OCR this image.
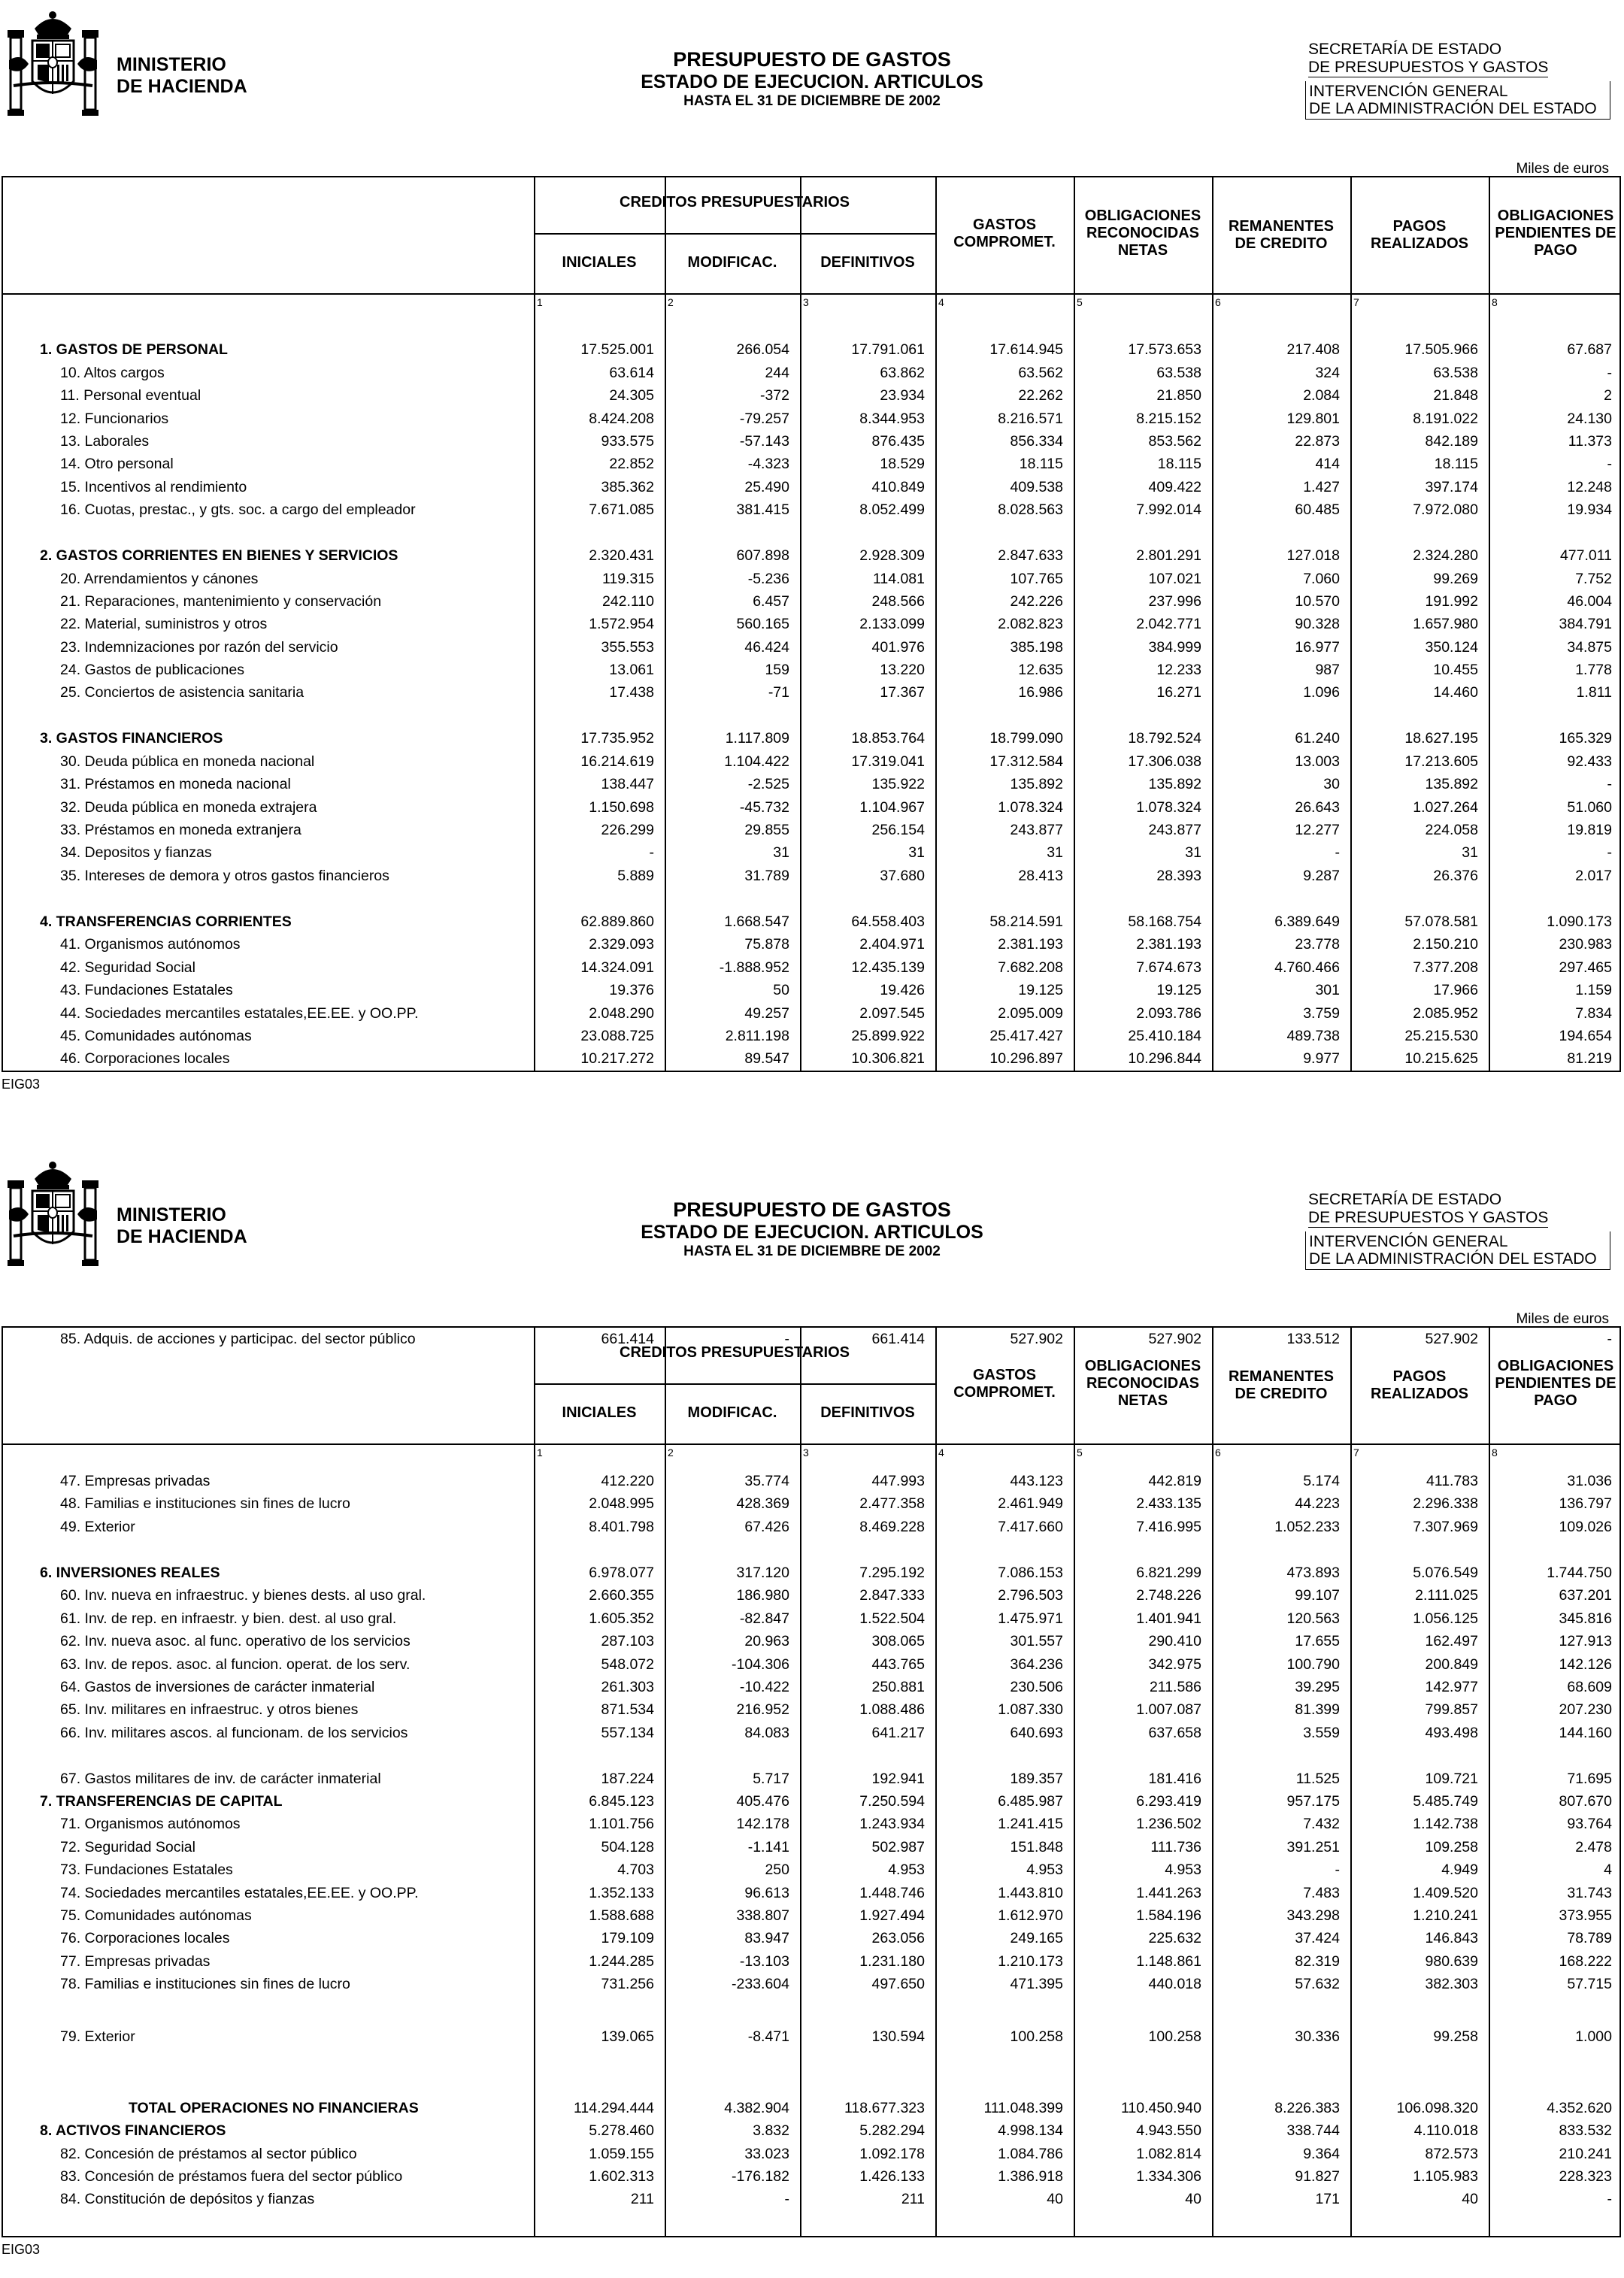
MINISTERIO
DE HACIENDA
PRESUPUESTO DE GASTOS
ESTADO DE EJECUCION. ARTICULOS
HASTA EL 31 DE DICIEMBRE DE 2002
SECRETARÍA DE ESTADO
DE PRESUPUESTOS Y GASTOS
INTERVENCIÓN GENERAL
DE LA ADMINISTRACIÓN DEL ESTADO
Miles de euros
CREDITOS PRESUPUESTARIOS
INICIALES	MODIFICAC.	DEFINITIVOS
GASTOS
COMPROMET.
OBLIGACIONES
RECONOCIDAS
NETAS
REMANENTES
DE CREDITO
PAGOS
REALIZADOS
OBLIGACIONES
PENDIENTES DE
PAGO
1	2	3	4	5	6	7	8
1. GASTOS DE PERSONAL	17.525.001	266.054	17.791.061	17.614.945	17.573.653	217.408	17.505.966	67.687
10. Altos cargos	63.614	244	63.862	63.562	63.538	324	63.538	-
11. Personal eventual	24.305	-372	23.934	22.262	21.850	2.084	21.848	2
12. Funcionarios	8.424.208	-79.257	8.344.953	8.216.571	8.215.152	129.801	8.191.022	24.130
13. Laborales	933.575	-57.143	876.435	856.334	853.562	22.873	842.189	11.373
14. Otro personal	22.852	-4.323	18.529	18.115	18.115	414	18.115	-
15. Incentivos al rendimiento	385.362	25.490	410.849	409.538	409.422	1.427	397.174	12.248
16. Cuotas, prestac., y gts. soc. a cargo del empleador	7.671.085	381.415	8.052.499	8.028.563	7.992.014	60.485	7.972.080	19.934
2. GASTOS CORRIENTES EN BIENES Y SERVICIOS	2.320.431	607.898	2.928.309	2.847.633	2.801.291	127.018	2.324.280	477.011
20. Arrendamientos y cánones	119.315	-5.236	114.081	107.765	107.021	7.060	99.269	7.752
21. Reparaciones, mantenimiento y conservación	242.110	6.457	248.566	242.226	237.996	10.570	191.992	46.004
22. Material, suministros y otros	1.572.954	560.165	2.133.099	2.082.823	2.042.771	90.328	1.657.980	384.791
23. Indemnizaciones por razón del servicio	355.553	46.424	401.976	385.198	384.999	16.977	350.124	34.875
24. Gastos de publicaciones	13.061	159	13.220	12.635	12.233	987	10.455	1.778
25. Conciertos de asistencia sanitaria	17.438	-71	17.367	16.986	16.271	1.096	14.460	1.811
3. GASTOS FINANCIEROS	17.735.952	1.117.809	18.853.764	18.799.090	18.792.524	61.240	18.627.195	165.329
30. Deuda pública en moneda nacional	16.214.619	1.104.422	17.319.041	17.312.584	17.306.038	13.003	17.213.605	92.433
31. Préstamos en moneda nacional	138.447	-2.525	135.922	135.892	135.892	30	135.892	-
32. Deuda pública en moneda extrajera	1.150.698	-45.732	1.104.967	1.078.324	1.078.324	26.643	1.027.264	51.060
33. Préstamos en moneda extranjera	226.299	29.855	256.154	243.877	243.877	12.277	224.058	19.819
34. Depositos y fianzas	-	31	31	31	31	-	31	-
35. Intereses de demora y otros gastos financieros	5.889	31.789	37.680	28.413	28.393	9.287	26.376	2.017
4. TRANSFERENCIAS CORRIENTES	62.889.860	1.668.547	64.558.403	58.214.591	58.168.754	6.389.649	57.078.581	1.090.173
41. Organismos autónomos	2.329.093	75.878	2.404.971	2.381.193	2.381.193	23.778	2.150.210	230.983
42. Seguridad Social	14.324.091	-1.888.952	12.435.139	7.682.208	7.674.673	4.760.466	7.377.208	297.465
43. Fundaciones Estatales	19.376	50	19.426	19.125	19.125	301	17.966	1.159
44. Sociedades mercantiles estatales,EE.EE. y OO.PP.	2.048.290	49.257	2.097.545	2.095.009	2.093.786	3.759	2.085.952	7.834
45. Comunidades autónomas	23.088.725	2.811.198	25.899.922	25.417.427	25.410.184	489.738	25.215.530	194.654
46. Corporaciones locales	10.217.272	89.547	10.306.821	10.296.897	10.296.844	9.977	10.215.625	81.219
EIG03
MINISTERIO
DE HACIENDA
PRESUPUESTO DE GASTOS
ESTADO DE EJECUCION. ARTICULOS
HASTA EL 31 DE DICIEMBRE DE 2002
SECRETARÍA DE ESTADO
DE PRESUPUESTOS Y GASTOS
INTERVENCIÓN GENERAL
DE LA ADMINISTRACIÓN DEL ESTADO
Miles de euros
CREDITOS PRESUPUESTARIOS
INICIALES	MODIFICAC.	DEFINITIVOS
GASTOS
COMPROMET.
OBLIGACIONES
RECONOCIDAS
NETAS
REMANENTES
DE CREDITO
PAGOS
REALIZADOS
OBLIGACIONES
PENDIENTES DE
PAGO
1	2	3	4	5	6	7	8
47. Empresas privadas	412.220	35.774	447.993	443.123	442.819	5.174	411.783	31.036
48. Familias e instituciones sin fines de lucro	2.048.995	428.369	2.477.358	2.461.949	2.433.135	44.223	2.296.338	136.797
49. Exterior	8.401.798	67.426	8.469.228	7.417.660	7.416.995	1.052.233	7.307.969	109.026
6. INVERSIONES REALES	6.978.077	317.120	7.295.192	7.086.153	6.821.299	473.893	5.076.549	1.744.750
60. Inv. nueva en infraestruc. y bienes dests. al uso gral.	2.660.355	186.980	2.847.333	2.796.503	2.748.226	99.107	2.111.025	637.201
61. Inv. de rep. en infraestr. y bien. dest. al uso gral.	1.605.352	-82.847	1.522.504	1.475.971	1.401.941	120.563	1.056.125	345.816
62. Inv. nueva asoc. al func. operativo de los servicios	287.103	20.963	308.065	301.557	290.410	17.655	162.497	127.913
63. Inv. de repos. asoc. al funcion. operat. de los serv.	548.072	-104.306	443.765	364.236	342.975	100.790	200.849	142.126
64. Gastos de inversiones de carácter inmaterial	261.303	-10.422	250.881	230.506	211.586	39.295	142.977	68.609
65. Inv. militares en infraestruc. y otros bienes	871.534	216.952	1.088.486	1.087.330	1.007.087	81.399	799.857	207.230
66. Inv. militares ascos. al funcionam. de los servicios	557.134	84.083	641.217	640.693	637.658	3.559	493.498	144.160
67. Gastos militares de inv. de carácter inmaterial	187.224	5.717	192.941	189.357	181.416	11.525	109.721	71.695
7. TRANSFERENCIAS DE CAPITAL	6.845.123	405.476	7.250.594	6.485.987	6.293.419	957.175	5.485.749	807.670
71. Organismos autónomos	1.101.756	142.178	1.243.934	1.241.415	1.236.502	7.432	1.142.738	93.764
72. Seguridad Social	504.128	-1.141	502.987	151.848	111.736	391.251	109.258	2.478
73. Fundaciones Estatales	4.703	250	4.953	4.953	4.953	-	4.949	4
74. Sociedades mercantiles estatales,EE.EE. y OO.PP.	1.352.133	96.613	1.448.746	1.443.810	1.441.263	7.483	1.409.520	31.743
75. Comunidades autónomas	1.588.688	338.807	1.927.494	1.612.970	1.584.196	343.298	1.210.241	373.955
76. Corporaciones locales	179.109	83.947	263.056	249.165	225.632	37.424	146.843	78.789
77. Empresas privadas	1.244.285	-13.103	1.231.180	1.210.173	1.148.861	82.319	980.639	168.222
78. Familias e instituciones sin fines de lucro	731.256	-233.604	497.650	471.395	440.018	57.632	382.303	57.715
79. Exterior	139.065	-8.471	130.594	100.258	100.258	30.336	99.258	1.000
TOTAL OPERACIONES NO FINANCIERAS	114.294.444	4.382.904	118.677.323	111.048.399	110.450.940	8.226.383	106.098.320	4.352.620
8. ACTIVOS FINANCIEROS	5.278.460	3.832	5.282.294	4.998.134	4.943.550	338.744	4.110.018	833.532
82. Concesión de préstamos al sector público	1.059.155	33.023	1.092.178	1.084.786	1.082.814	9.364	872.573	210.241
83. Concesión de préstamos fuera del sector público	1.602.313	-176.182	1.426.133	1.386.918	1.334.306	91.827	1.105.983	228.323
84. Constitución de depósitos y fianzas	211	-	211	40	40	171	40	-
85. Adquis. de acciones y participac. del sector público	661.414	-	661.414	527.902	527.902	133.512	527.902	-
EIG03
